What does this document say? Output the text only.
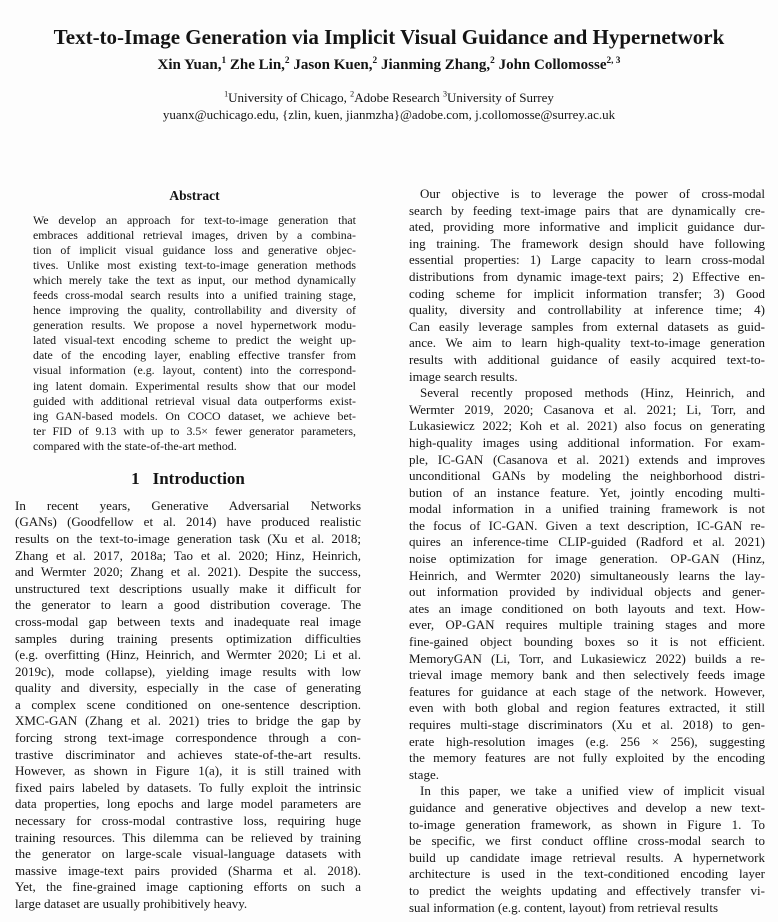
Text-to-Image Generation via Implicit Visual Guidance and Hypernetwork
Xin Yuan,$^1$ Zhe Lin,$^2$ Jason Kuen,$^2$ Jianming Zhang,$^2$ John Collomosse$^{2, 3}$
$^1$University of Chicago, $^2$Adobe Research $^3$University of Surrey
yuanx@uchicago.edu, {zlin, kuen, jianmzha}@adobe.com, j.collomosse@surrey.ac.uk
Abstract
We develop an approach for text-to-image generation that
embraces additional retrieval images, driven by a combina-
tion of implicit visual guidance loss and generative objec-
tives. Unlike most existing text-to-image generation methods
which merely take the text as input, our method dynamically
feeds cross-modal search results into a unified training stage,
hence improving the quality, controllability and diversity of
generation results. We propose a novel hypernetwork modu-
lated visual-text encoding scheme to predict the weight up-
date of the encoding layer, enabling effective transfer from
visual information (e.g. layout, content) into the correspond-
ing latent domain. Experimental results show that our model
guided with additional retrieval visual data outperforms exist-
ing GAN-based models. On COCO dataset, we achieve bet-
ter FID of 9.13 with up to 3.5× fewer generator parameters,
compared with the state-of-the-art method.
1 Introduction
In recent years, Generative Adversarial Networks
(GANs) (Goodfellow et al. 2014) have produced realistic
results on the text-to-image generation task (Xu et al. 2018;
Zhang et al. 2017, 2018a; Tao et al. 2020; Hinz, Heinrich,
and Wermter 2020; Zhang et al. 2021). Despite the success,
unstructured text descriptions usually make it difficult for
the generator to learn a good distribution coverage. The
cross-modal gap between texts and inadequate real image
samples during training presents optimization difficulties
(e.g. overfitting (Hinz, Heinrich, and Wermter 2020; Li et al.
2019c), mode collapse), yielding image results with low
quality and diversity, especially in the case of generating
a complex scene conditioned on one-sentence description.
XMC-GAN (Zhang et al. 2021) tries to bridge the gap by
forcing strong text-image correspondence through a con-
trastive discriminator and achieves state-of-the-art results.
However, as shown in Figure 1(a), it is still trained with
fixed pairs labeled by datasets. To fully exploit the intrinsic
data properties, long epochs and large model parameters are
necessary for cross-modal contrastive loss, requiring huge
training resources. This dilemma can be relieved by training
the generator on large-scale visual-language datasets with
massive image-text pairs provided (Sharma et al. 2018).
Yet, the fine-grained image captioning efforts on such a
large dataset are usually prohibitively heavy.
Our objective is to leverage the power of cross-modal
search by feeding text-image pairs that are dynamically cre-
ated, providing more informative and implicit guidance dur-
ing training. The framework design should have following
essential properties: 1) Large capacity to learn cross-modal
distributions from dynamic image-text pairs; 2) Effective en-
coding scheme for implicit information transfer; 3) Good
quality, diversity and controllability at inference time; 4)
Can easily leverage samples from external datasets as guid-
ance. We aim to learn high-quality text-to-image generation
results with additional guidance of easily acquired text-to-
image search results.
Several recently proposed methods (Hinz, Heinrich, and
Wermter 2019, 2020; Casanova et al. 2021; Li, Torr, and
Lukasiewicz 2022; Koh et al. 2021) also focus on generating
high-quality images using additional information. For exam-
ple, IC-GAN (Casanova et al. 2021) extends and improves
unconditional GANs by modeling the neighborhood distri-
bution of an instance feature. Yet, jointly encoding multi-
modal information in a unified training framework is not
the focus of IC-GAN. Given a text description, IC-GAN re-
quires an inference-time CLIP-guided (Radford et al. 2021)
noise optimization for image generation. OP-GAN (Hinz,
Heinrich, and Wermter 2020) simultaneously learns the lay-
out information provided by individual objects and gener-
ates an image conditioned on both layouts and text. How-
ever, OP-GAN requires multiple training stages and more
fine-gained object bounding boxes so it is not efficient.
MemoryGAN (Li, Torr, and Lukasiewicz 2022) builds a re-
trieval image memory bank and then selectively feeds image
features for guidance at each stage of the network. However,
even with both global and region features extracted, it still
requires multi-stage discriminators (Xu et al. 2018) to gen-
erate high-resolution images (e.g. 256 × 256), suggesting
the memory features are not fully exploited by the encoding
stage.
In this paper, we take a unified view of implicit visual
guidance and generative objectives and develop a new text-
to-image generation framework, as shown in Figure 1. To
be specific, we first conduct offline cross-modal search to
build up candidate image retrieval results. A hypernetwork
architecture is used in the text-conditioned encoding layer
to predict the weights updating and effectively transfer vi-
sual information (e.g. content, layout) from retrieval results
